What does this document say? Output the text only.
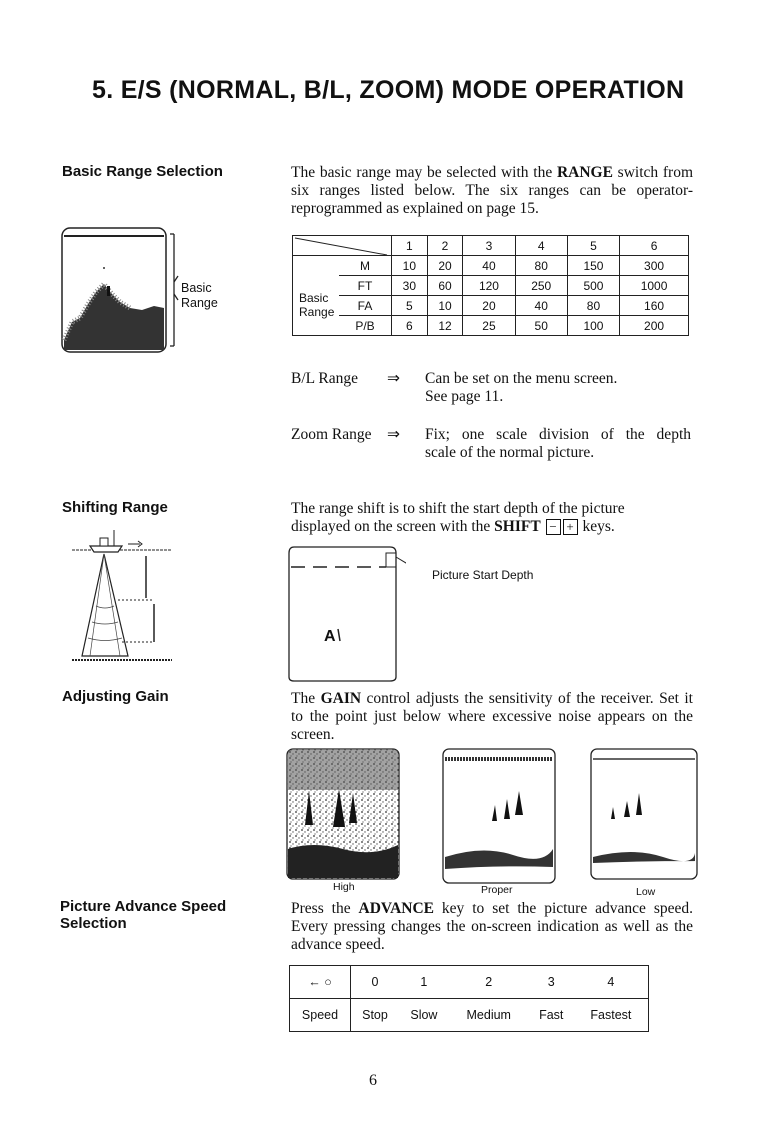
5. E/S (NORMAL, B/L, ZOOM) MODE OPERATION
Basic Range Selection	The basic range may be selected with the RANGE switch from six ranges listed below. The six ranges can be operator-reprogrammed as explained on page 15.
Basic
Range
	1	2	3	4	5	6

Basic
Range	M	10	20	40	80	150	300
	FT	30	60	120	250	500	1000
	FA	5	10	20	40	80	160
	P/B	6	12	25	50	100	200
B/L Range ⇒ Can be set on the menu screen.
See page 11.
Zoom Range ⇒ Fix; one scale division of the depth
scale of the normal picture.
Shifting Range	The range shift is to shift the start depth of the picture
displayed on the screen with the SHIFT − + keys.
A
Picture Start Depth
Adjusting Gain	The GAIN control adjusts the sensitivity of the receiver. Set it to the point just below where excessive noise appears on the screen.
High	Proper	Low
Picture Advance Speed
Selection
Press the ADVANCE key to set the picture advance speed. Every pressing changes the on-screen indication as well as the advance speed.
← ○	0	1	2	3	4
Speed	Stop	Slow	Medium	Fast	Fastest
6
